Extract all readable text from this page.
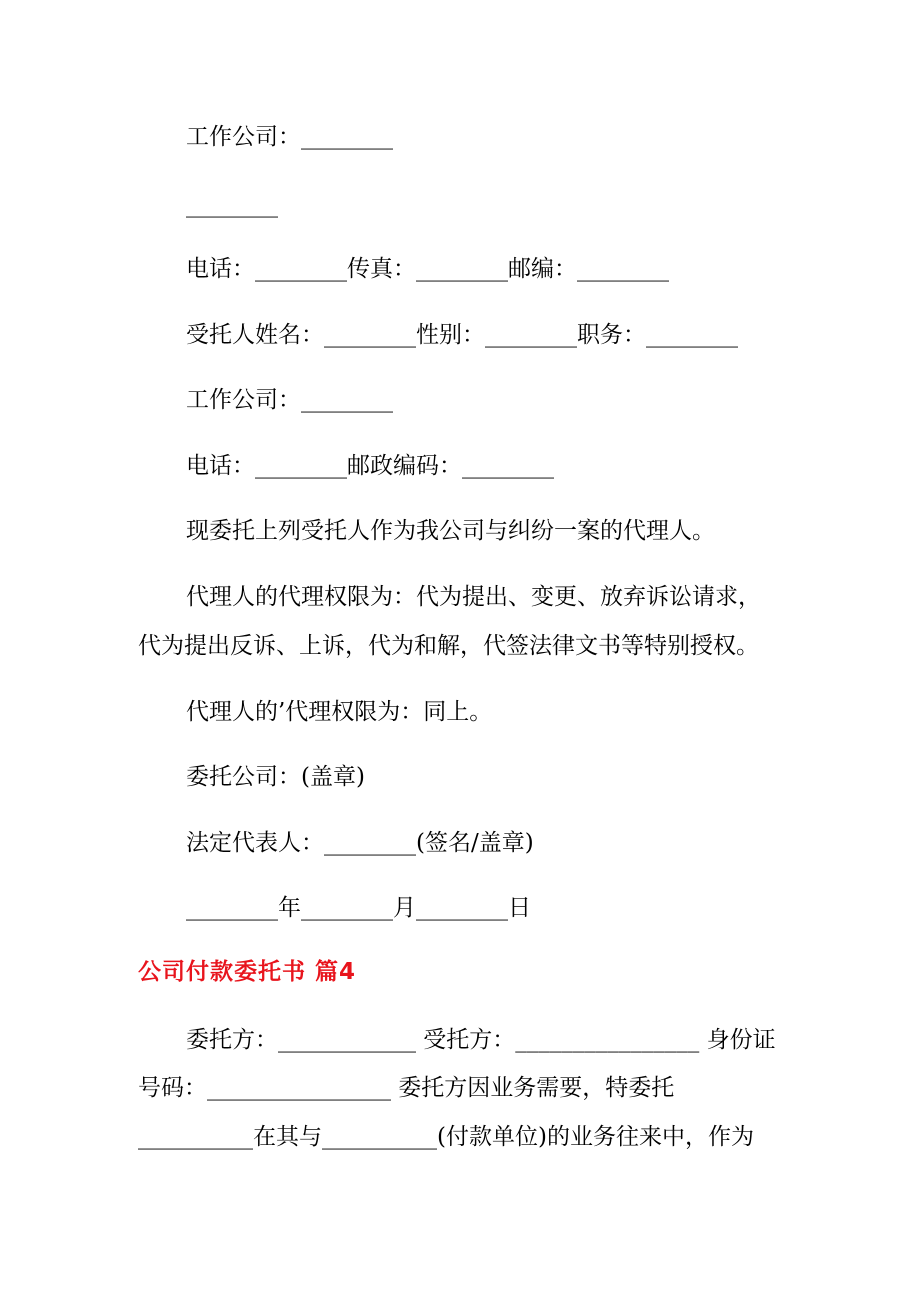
工作公司：________
________
电话：________传真：________邮编：________
受托人姓名：________性别：________职务：________
工作公司：________
电话：________邮政编码：________
现委托上列受托人作为我公司与纠纷一案的代理人。
代理人的代理权限为：代为提出、变更、放弃诉讼请求，
代为提出反诉、上诉，代为和解，代签法律文书等特别授权。
代理人的’代理权限为：同上。
委托公司：(盖章)
法定代表人：________(签名/盖章)
________年________月________日
公司付款委托书 篇4
委托方：____________ 受托方：________________ 身份证
号码：________________ 委托方因业务需要，特委托
__________在其与__________(付款单位)的业务往来中，作为
